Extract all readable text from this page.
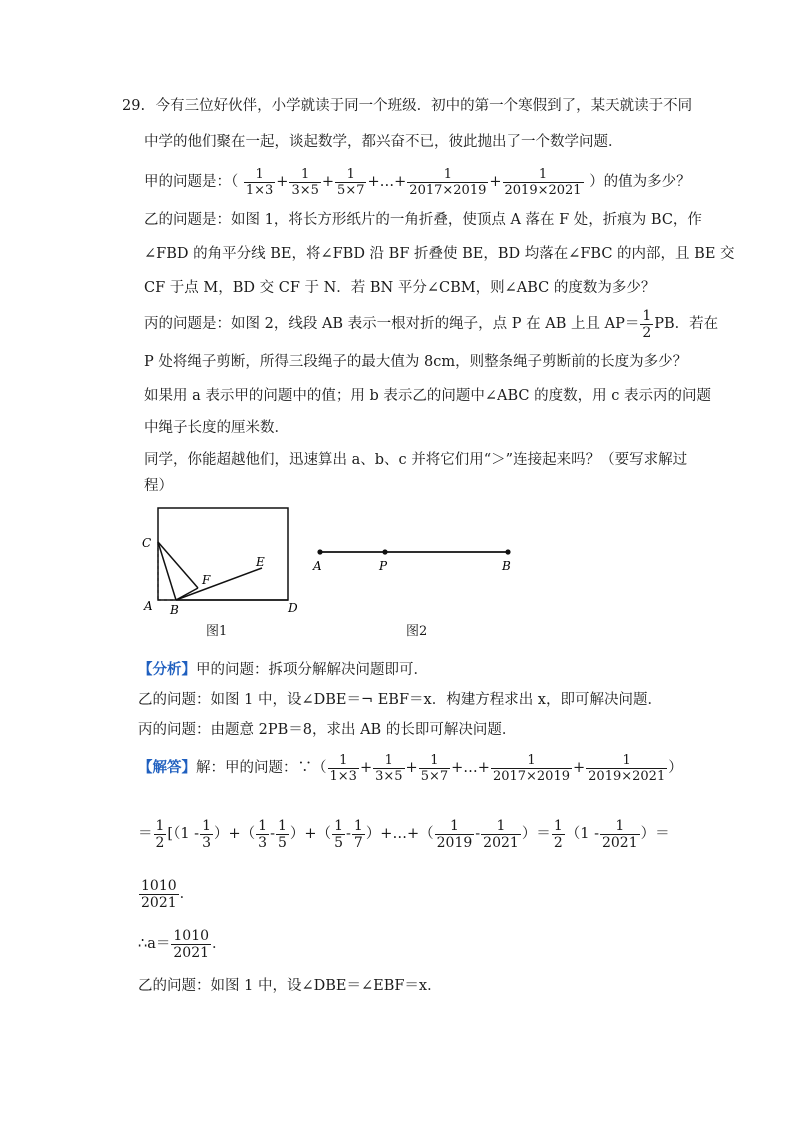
29. 今有三位好伙伴，小学就读于同一个班级．初中的第一个寒假到了，某天就读于不同
中学的他们聚在一起，谈起数学，都兴奋不已，彼此抛出了一个数学问题．
甲的问题是：（ $\frac{1}{1\times 3} + \frac{1}{3\times 5} + \frac{1}{5\times 7}$ +…+ $\frac{1}{2017\times 2019} + \frac{1}{2019\times 2021}$ ）的值为多少？
乙的问题是：如图 1，将长方形纸片的一角折叠，使顶点 A 落在 F 处，折痕为 BC，作
∠FBD 的角平分线 BE，将∠FBD 沿 BF 折叠使 BE，BD 均落在∠FBC 的内部，且 BE 交
CF 于点 M，BD 交 CF 于 N．若 BN 平分∠CBM，则∠ABC 的度数为多少？
丙的问题是：如图 2，线段 AB 表示一根对折的绳子，点 P 在 AB 上且 $AP= \frac{1}{2}$ PB．若在
P 处将绳子剪断，所得三段绳子的最大值为 8cm，则整条绳子剪断前的长度为多少？
如果用 a 表示甲的问题中的值；用 b 表示乙的问题中∠ABC 的度数，用 c 表示丙的问题
中绳子长度的厘米数．
同学，你能超越他们，迅速算出 a、b、c 并将它们用“＞”连接起来吗？（要写求解过
程）
C
A B
F
E
D
图1
A	P	B
图2
【分析】甲的问题：拆项分解解决问题即可．
乙的问题：如图 1 中，设∠DBE＝¬ EBF＝x．构建方程求出 x，即可解决问题．
丙的问题：由题意 2PB＝8，求出 AB 的长即可解决问题．
【解答】解：甲的问题：∵（ $\frac{1}{1\times 3} + \frac{1}{3\times 5} + \frac{1}{5\times 7}$ +…+ $\frac{1}{2017\times 2019} + \frac{1}{2019\times 2021}$ ）
＝ $\frac{1}{2} [(1 - \frac{1}{3}$ ）+（ $\frac{1}{3} - \frac{1}{5}$ ）+（ $\frac{1}{5} - \frac{1}{7}$ ）+…+（ $\frac{1}{2019} - \frac{1}{2021}$ ）＝ $\frac{1}{2} (1 - \frac{1}{2021}$ ）＝
$\frac{1010}{2021}$ ．
∴a＝ $\frac{1010}{2021}$ ．
乙的问题：如图 1 中，设∠DBE＝∠EBF＝x．
